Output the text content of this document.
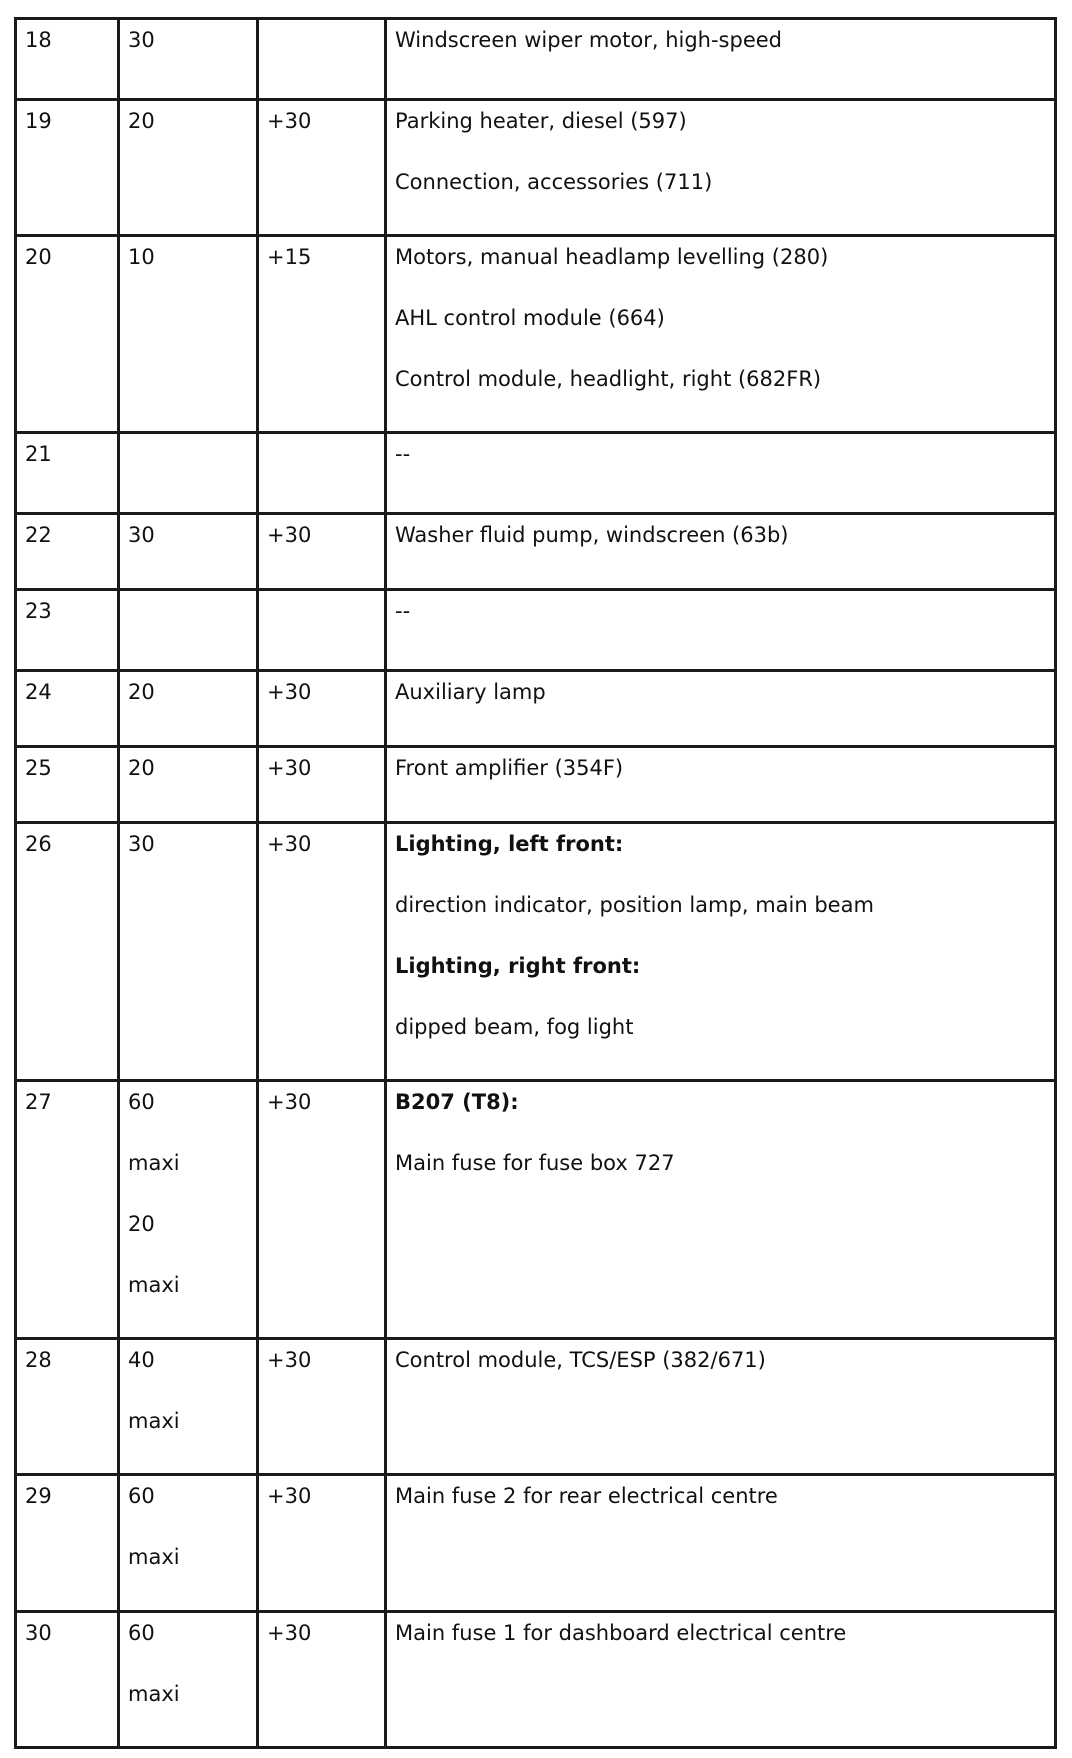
18	30		Windscreen wiper motor, high-speed

19	20	+30	Parking heater, diesel (597)
Connection, accessories (711)

20	10	+15	Motors, manual headlamp levelling (280)
AHL control module (664)
Control module, headlight, right (682FR)

21			--

22	30	+30	Washer fluid pump, windscreen (63b)

23			--

24	20	+30	Auxiliary lamp

25	20	+30	Front amplifier (354F)

26	30	+30	Lighting, left front:
direction indicator, position lamp, main beam
Lighting, right front:
dipped beam, fog light

27	60
maxi
20
maxi	+30	B207 (T8):
Main fuse for fuse box 727

28	40
maxi	+30	Control module, TCS/ESP (382/671)

29	60
maxi	+30	Main fuse 2 for rear electrical centre

30	60
maxi	+30	Main fuse 1 for dashboard electrical centre
